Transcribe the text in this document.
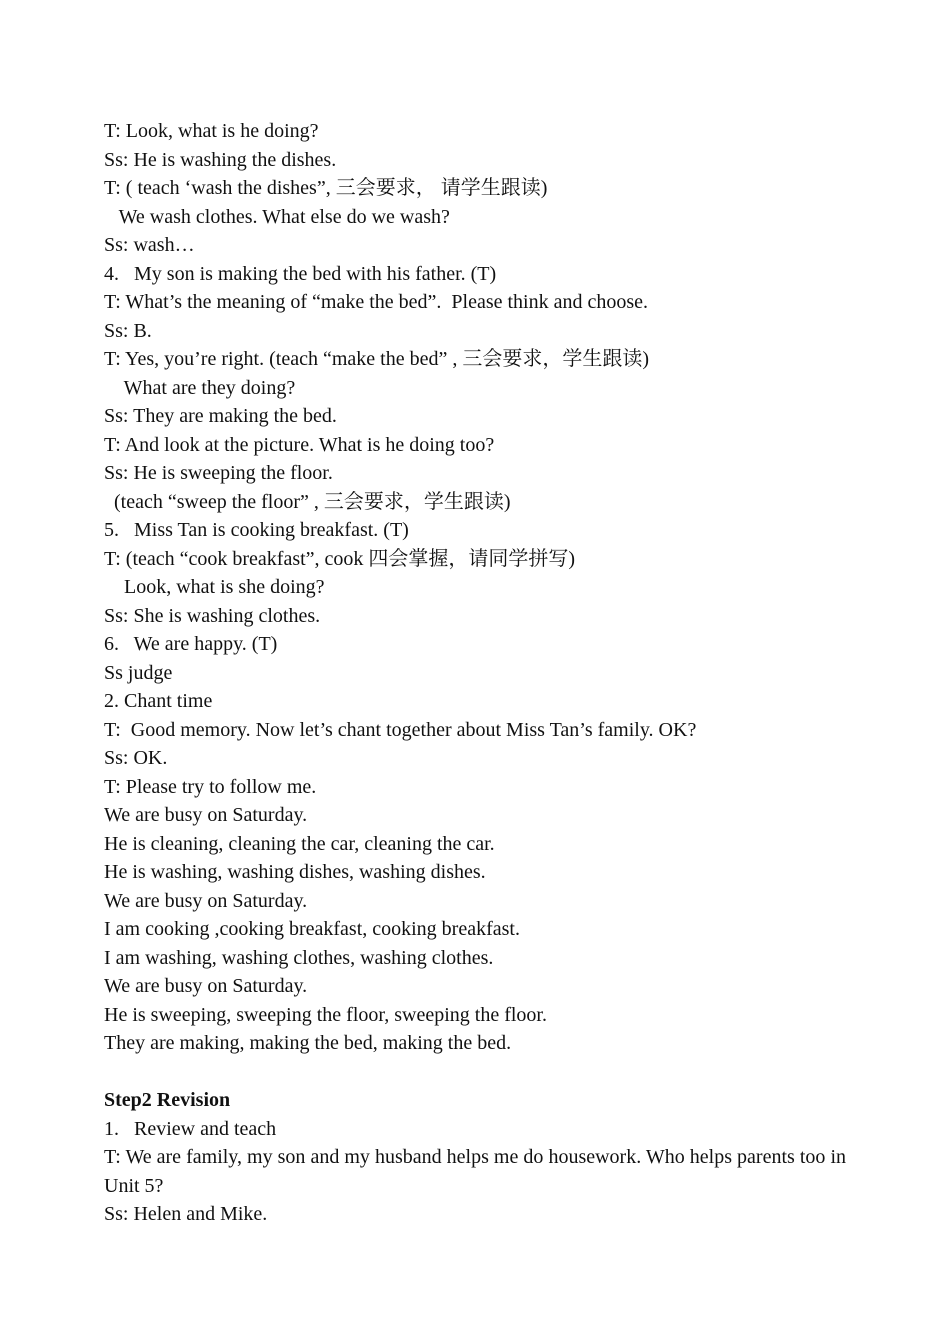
T: Look, what is he doing?
Ss: He is washing the dishes.
T: ( teach ‘wash the dishes”, 三会要求， 请学生跟读)
We wash clothes. What else do we wash?
Ss: wash…
4.   My son is making the bed with his father. (T)
T: What’s the meaning of “make the bed”.  Please think and choose.
Ss: B.
T: Yes, you’re right. (teach “make the bed” , 三会要求，学生跟读)
What are they doing?
Ss: They are making the bed.
T: And look at the picture. What is he doing too?
Ss: He is sweeping the floor.
(teach “sweep the floor” , 三会要求，学生跟读)
5.   Miss Tan is cooking breakfast. (T)
T: (teach “cook breakfast”, cook 四会掌握，请同学拼写)
Look, what is she doing?
Ss: She is washing clothes.
6.   We are happy. (T)
Ss judge
2. Chant time
T:  Good memory. Now let’s chant together about Miss Tan’s family. OK?
Ss: OK.
T: Please try to follow me.
We are busy on Saturday.
He is cleaning, cleaning the car, cleaning the car.
He is washing, washing dishes, washing dishes.
We are busy on Saturday.
I am cooking ,cooking breakfast, cooking breakfast.
I am washing, washing clothes, washing clothes.
We are busy on Saturday.
He is sweeping, sweeping the floor, sweeping the floor.
They are making, making the bed, making the bed.
Step2 Revision
1.   Review and teach
T: We are family, my son and my husband helps me do housework. Who helps parents too in Unit 5?
Ss: Helen and Mike.
